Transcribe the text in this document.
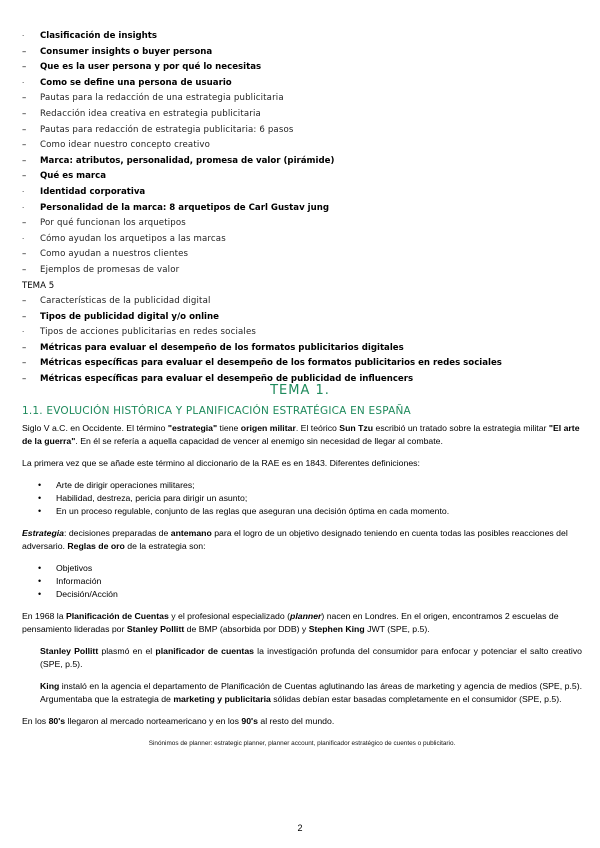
·	Clasificación de insights
–	Consumer insights o buyer persona
–	Que es la user persona y por qué lo necesitas
·	Como se define una persona de usuario
–	Pautas para la redacción de una estrategia publicitaria
–	Redacción idea creativa en estrategia publicitaria
–	Pautas para redacción de estrategia publicitaria: 6 pasos
–	Como idear nuestro concepto creativo
–	Marca: atributos, personalidad, promesa de valor (pirámide)
–	Qué es marca
·	Identidad corporativa
·	Personalidad de la marca: 8 arquetipos de Carl Gustav jung
–	Por qué funcionan los arquetipos
·	Cómo ayudan los arquetipos a las marcas
–	Como ayudan a nuestros clientes
–	Ejemplos de promesas de valor
TEMA 5
–	Características de la publicidad digital
–	Tipos de publicidad digital y/o online
·	Tipos de acciones publicitarias en redes sociales
–	Métricas para evaluar el desempeño de los formatos publicitarios digitales
–	Métricas específicas para evaluar el desempeño de los formatos publicitarios en redes sociales
–	Métricas específicas para evaluar el desempeño de publicidad de influencers
TEMA 1.
1.1. EVOLUCIÓN HISTÓRICA Y PLANIFICACIÓN ESTRATÉGICA EN ESPAÑA

Siglo V a.C. en Occidente. El término "estrategia" tiene origen militar. El teórico Sun Tzu escribió un tratado sobre la estrategia militar "El arte de la guerra". En él se refería a aquella capacidad de vencer al enemigo sin necesidad de llegar al combate.

La primera vez que se añade este término al diccionario de la RAE es en 1843. Diferentes definiciones:

• Arte de dirigir operaciones militares;
• Habilidad, destreza, pericia para dirigir un asunto;
• En un proceso regulable, conjunto de las reglas que aseguran una decisión óptima en cada momento.

Estrategia: decisiones preparadas de antemano para el logro de un objetivo designado teniendo en cuenta todas las posibles reacciones del adversario. Reglas de oro de la estrategia son:

• Objetivos
• Información
• Decisión/Acción

En 1968 la Planificación de Cuentas y el profesional especializado (planner) nacen en Londres. En el origen, encontramos 2 escuelas de pensamiento lideradas por Stanley Pollitt de BMP (absorbida por DDB) y Stephen King JWT (SPE, p.5).

Stanley Pollitt plasmó en el planificador de cuentas la investigación profunda del consumidor para enfocar y potenciar el salto creativo (SPE, p.5).

King instaló en la agencia el departamento de Planificación de Cuentas aglutinando las áreas de marketing y agencia de medios (SPE, p.5). Argumentaba que la estrategia de marketing y publicitaria sólidas debían estar basadas completamente en el consumidor (SPE, p.5).

En los 80's llegaron al mercado norteamericano y en los 90's al resto del mundo.

Sinónimos de planner: estrategic planner, planner account, planificador estratégico de cuentes o publicitario.
2
